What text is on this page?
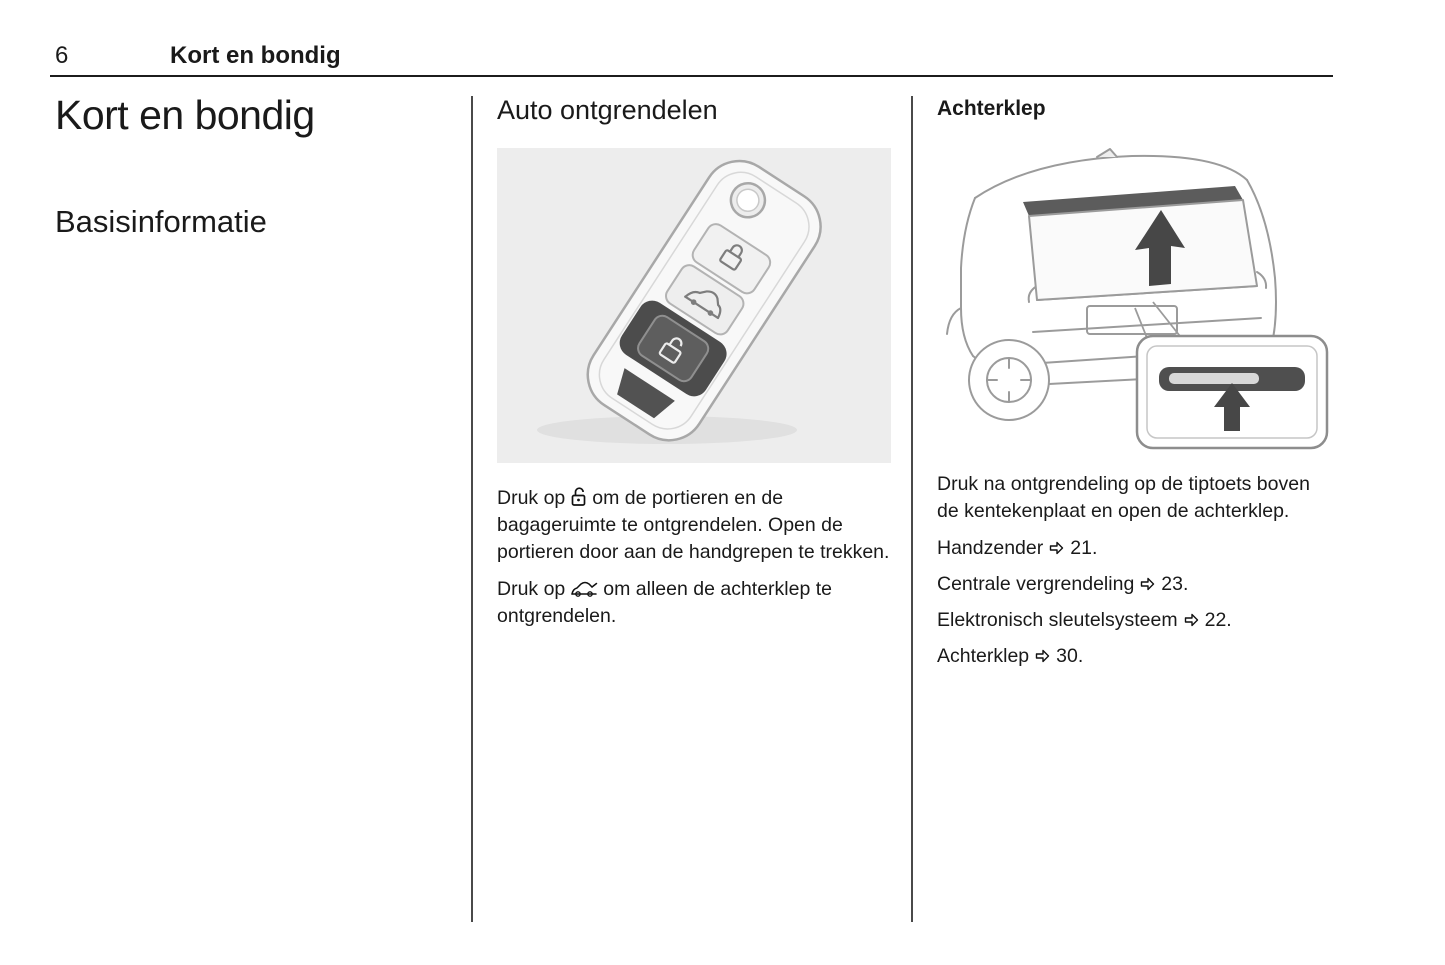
6	Kort en bondig
Kort en bondig
Basisinformatie
Auto ontgrendelen

Druk op om de portieren en de bagageruimte te ontgrendelen. Open de portieren door aan de handgrepen te trekken.

Druk op om alleen de achterklep te ontgrendelen.

Achterklep

Druk na ontgrendeling op de tiptoets boven de kentekenplaat en open de achterklep.

Handzender 21.

Centrale vergrendeling 23.

Elektronisch sleutelsysteem 22.

Achterklep 30.
